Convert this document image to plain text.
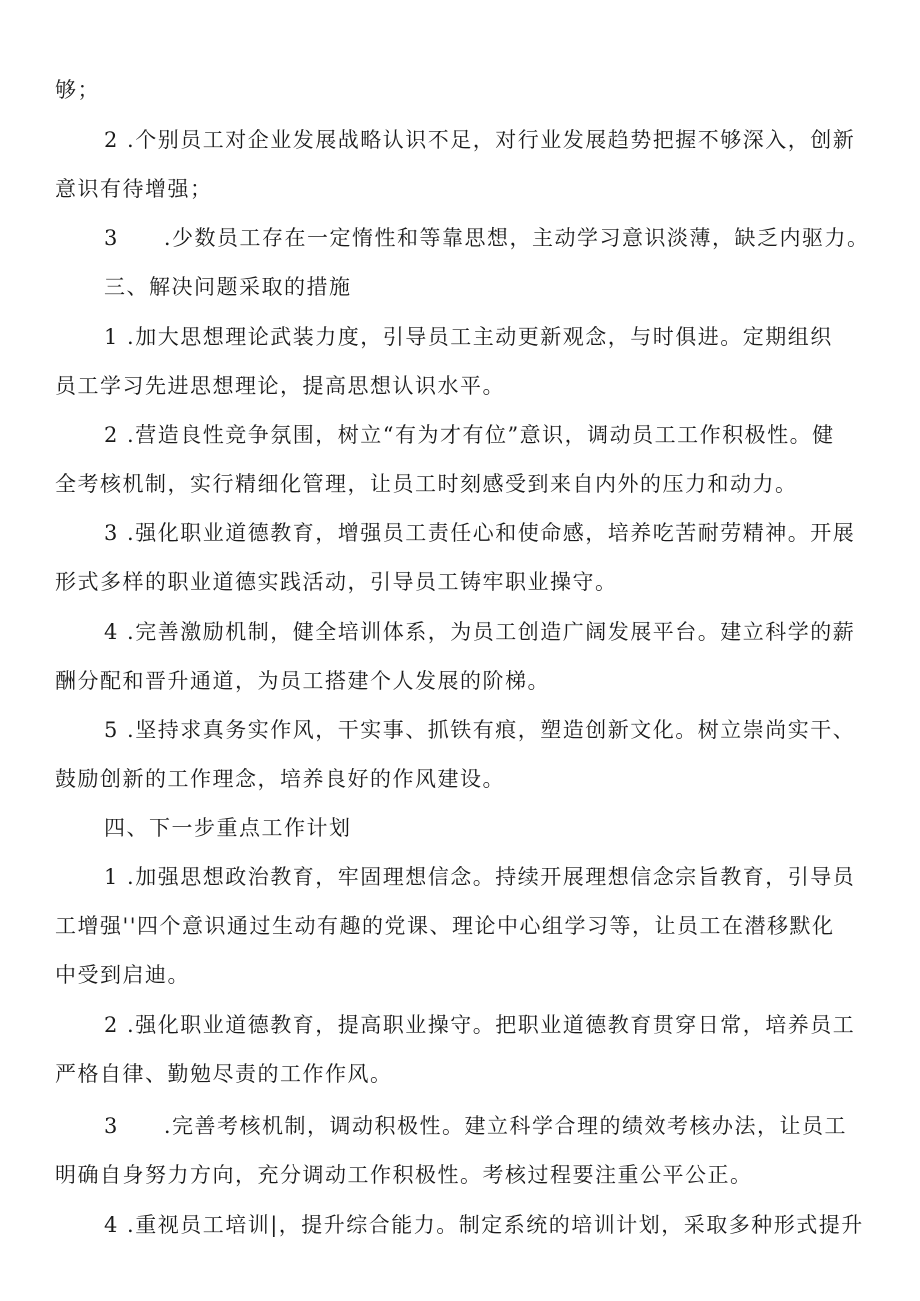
够；
2 .个别员工对企业发展战略认识不足，对行业发展趋势把握不够深入，创新
意识有待增强；
3　　.少数员工存在一定惰性和等靠思想，主动学习意识淡薄，缺乏内驱力。
三、解决问题采取的措施
1 .加大思想理论武装力度，引导员工主动更新观念，与时俱进。定期组织
员工学习先进思想理论，提高思想认识水平。
2 .营造良性竞争氛围，树立“有为才有位”意识，调动员工工作积极性。健
全考核机制，实行精细化管理，让员工时刻感受到来自内外的压力和动力。
3 .强化职业道德教育，增强员工责任心和使命感，培养吃苦耐劳精神。开展
形式多样的职业道德实践活动，引导员工铸牢职业操守。
4 .完善激励机制，健全培训体系，为员工创造广阔发展平台。建立科学的薪
酬分配和晋升通道，为员工搭建个人发展的阶梯。
5 .坚持求真务实作风，干实事、抓铁有痕，塑造创新文化。树立崇尚实干、
鼓励创新的工作理念，培养良好的作风建设。
四、下一步重点工作计划
1 .加强思想政治教育，牢固理想信念。持续开展理想信念宗旨教育，引导员
工增强''四个意识通过生动有趣的党课、理论中心组学习等，让员工在潜移默化
中受到启迪。
2 .强化职业道德教育，提高职业操守。把职业道德教育贯穿日常，培养员工
严格自律、勤勉尽责的工作作风。
3　　.完善考核机制，调动积极性。建立科学合理的绩效考核办法，让员工
明确自身努力方向，充分调动工作积极性。考核过程要注重公平公正。
4 .重视员工培训|，提升综合能力。制定系统的培训计划，采取多种形式提升
